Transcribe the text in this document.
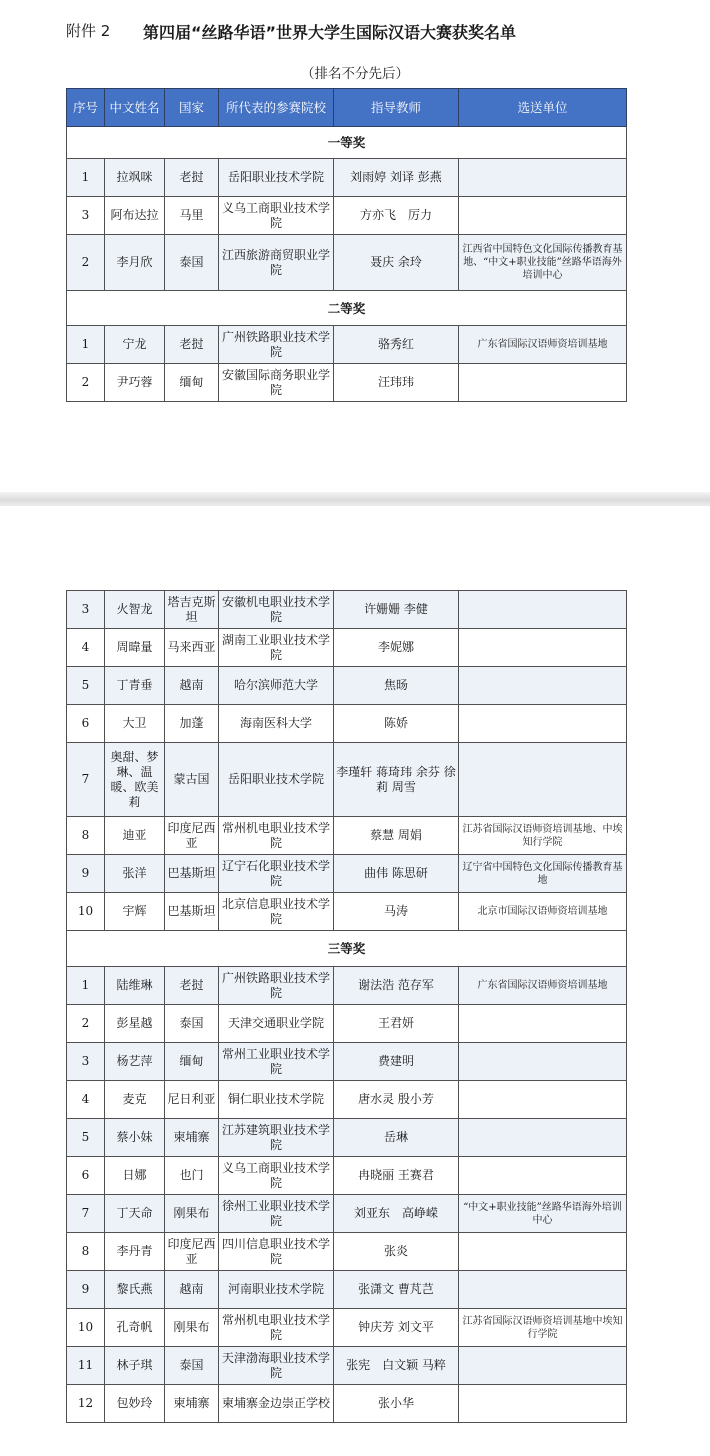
附件 2 第四届“丝路华语”世界大学生国际汉语大赛获奖名单
（排名不分先后）
序号	中文姓名	国家	所代表的参赛院校	指导教师	选送单位
一等奖					
1	拉飒咪	老挝	岳阳职业技术学院	刘雨婷 刘译 彭燕	
3	阿布达拉	马里	义乌工商职业技术学院	方亦飞　厉力	
2	李月欣	泰国	江西旅游商贸职业学院	聂庆 余玲	江西省中国特色文化国际传播教育基地、“中文+职业技能”丝路华语海外培训中心
二等奖					
1	宁龙	老挝	广州铁路职业技术学院	骆秀红	广东省国际汉语师资培训基地
2	尹巧蓉	缅甸	安徽国际商务职业学院	汪玮玮	
3	火智龙	塔吉克斯坦	安徽机电职业技术学院	许姗姗 李健	
4	周暐量	马来西亚	湖南工业职业技术学院	李妮娜	
5	丁青垂	越南	哈尔滨师范大学	焦旸	
6	大卫	加蓬	海南医科大学	陈娇	
7	奥甜、梦琳、温暖、欧美莉	蒙古国	岳阳职业技术学院	李瑾轩 蒋琦玮 余芬 徐莉 周雪	
8	迪亚	印度尼西亚	常州机电职业技术学院	蔡慧 周娟	江苏省国际汉语师资培训基地、中埃知行学院
9	张洋	巴基斯坦	辽宁石化职业技术学院	曲伟 陈思研	辽宁省中国特色文化国际传播教育基地
10	宇辉	巴基斯坦	北京信息职业技术学院	马涛	北京市国际汉语师资培训基地
三等奖					
1	陆维琳	老挝	广州铁路职业技术学院	谢法浩 范存军	广东省国际汉语师资培训基地
2	彭星越	泰国	天津交通职业学院	王君妍	
3	杨艺萍	缅甸	常州工业职业技术学院	费建明	
4	麦克	尼日利亚	铜仁职业技术学院	唐水灵 殷小芳	
5	蔡小妹	柬埔寨	江苏建筑职业技术学院	岳琳	
6	日娜	也门	义乌工商职业技术学院	冉晓丽 王赛君	
7	丁天命	刚果布	徐州工业职业技术学院	刘亚东　高峥嵘	“中文+职业技能”丝路华语海外培训中心
8	李丹青	印度尼西亚	四川信息职业技术学院	张炎	
9	黎氏燕	越南	河南职业技术学院	张潇文 曹芃芑	
10	孔奇帆	刚果布	常州机电职业技术学院	钟庆芳 刘文平	江苏省国际汉语师资培训基地中埃知行学院
11	林子琪	泰国	天津渤海职业技术学院	张宪　白文颖 马粹	
12	包妙玲	柬埔寨	柬埔寨金边崇正学校	张小华	
